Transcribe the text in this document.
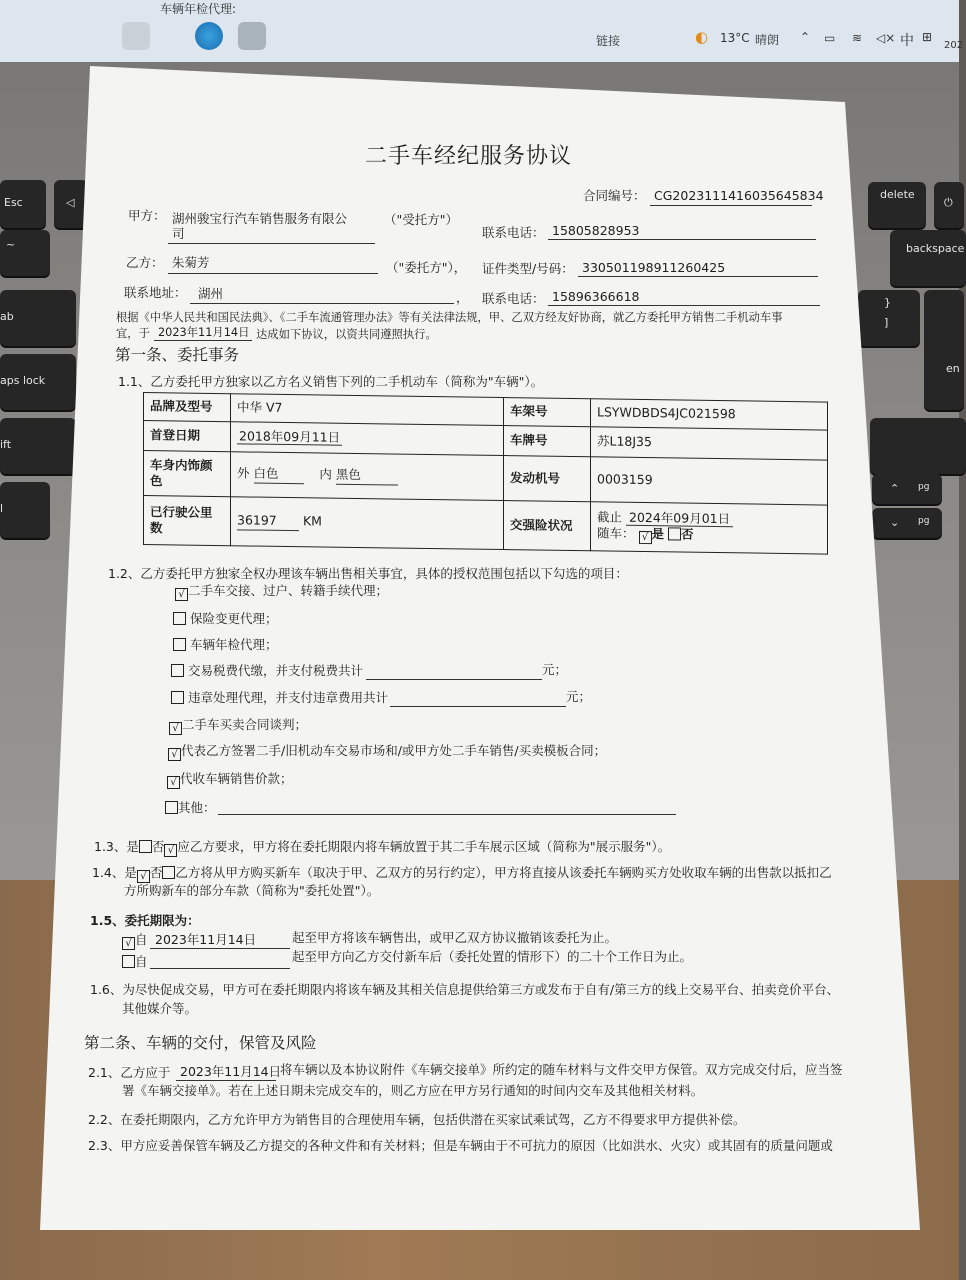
车辆年检代理:
链接	◐ 13°C 晴朗 ⌃ ▭ ≋ ◁× 中 ⊞
202
Esc	◁
~
ab
aps lock
ift
l
delete
⏻
backspace
}
]
en
⌃ pg
⌄ pg
二手车经纪服务协议
合同编号： CG2023111416035645834
甲方： 湖州骏宝行汽车销售服务有限公
司
（"受托方"）
联系电话： 15805828953
乙方： 朱菊芳	（"委托方"）， 证件类型/号码： 330501198911260425
联系地址： 湖州	， 联系电话： 15896366618
根据《中华人民共和国民法典》、《二手车流通管理办法》等有关法律法规，甲、乙双方经友好协商，就乙方委托甲方销售二手机动车事
宜，于 2023年11月14日 达成如下协议，以资共同遵照执行。
第一条、委托事务
1.1、乙方委托甲方独家以乙方名义销售下列的二手机动车（简称为"车辆"）。
品牌及型号	中华 V7	车架号	LSYWDBDS4JC021598
首登日期	2018年09月11日	车牌号	苏L18J35
车身内饰颜色	外 白色 内 黑色	发动机号	0003159
已行驶公里数	36197 KM	交强险状况	截止 2024年09月01日
随车： √ 是 否
1.2、乙方委托甲方独家全权办理该车辆出售相关事宜，具体的授权范围包括以下勾选的项目：
√ 二手车交接、过户、转籍手续代理；
保险变更代理；
车辆年检代理；
交易税费代缴，并支付税费共计	元；
违章处理代理，并支付违章费用共计	元；
√ 二手车买卖合同谈判；
√ 代表乙方签署二手/旧机动车交易市场和/或甲方处二手车销售/买卖模板合同；
√ 代收车辆销售价款；
其他：
1.3、是 否 √ 应乙方要求，甲方将在委托期限内将车辆放置于其二手车展示区域（简称为"展示服务"）。
1.4、是 √ 否 乙方将从甲方购买新车（取决于甲、乙双方的另行约定），甲方将直接从该委托车辆购买方处收取车辆的出售款以抵扣乙
方所购新车的部分车款（简称为"委托处置"）。
1.5、委托期限为：
√ 自 2023年11月14日	起至甲方将该车辆售出，或甲乙双方协议撤销该委托为止。
自	起至甲方向乙方交付新车后（委托处置的情形下）的二十个工作日为止。
1.6、为尽快促成交易，甲方可在委托期限内将该车辆及其相关信息提供给第三方或发布于自有/第三方的线上交易平台、拍卖竞价平台、
其他媒介等。
第二条、车辆的交付，保管及风险
2.1、乙方应于 2023年11月14日
将车辆以及本协议附件《车辆交接单》所约定的随车材料与文件交甲方保管。双方完成交付后，应当签
署《车辆交接单》。若在上述日期未完成交车的，则乙方应在甲方另行通知的时间内交车及其他相关材料。
2.2、在委托期限内，乙方允许甲方为销售目的合理使用车辆，包括供潜在买家试乘试驾，乙方不得要求甲方提供补偿。
2.3、甲方应妥善保管车辆及乙方提交的各种文件和有关材料；但是车辆由于不可抗力的原因（比如洪水、火灾）或其固有的质量问题或
